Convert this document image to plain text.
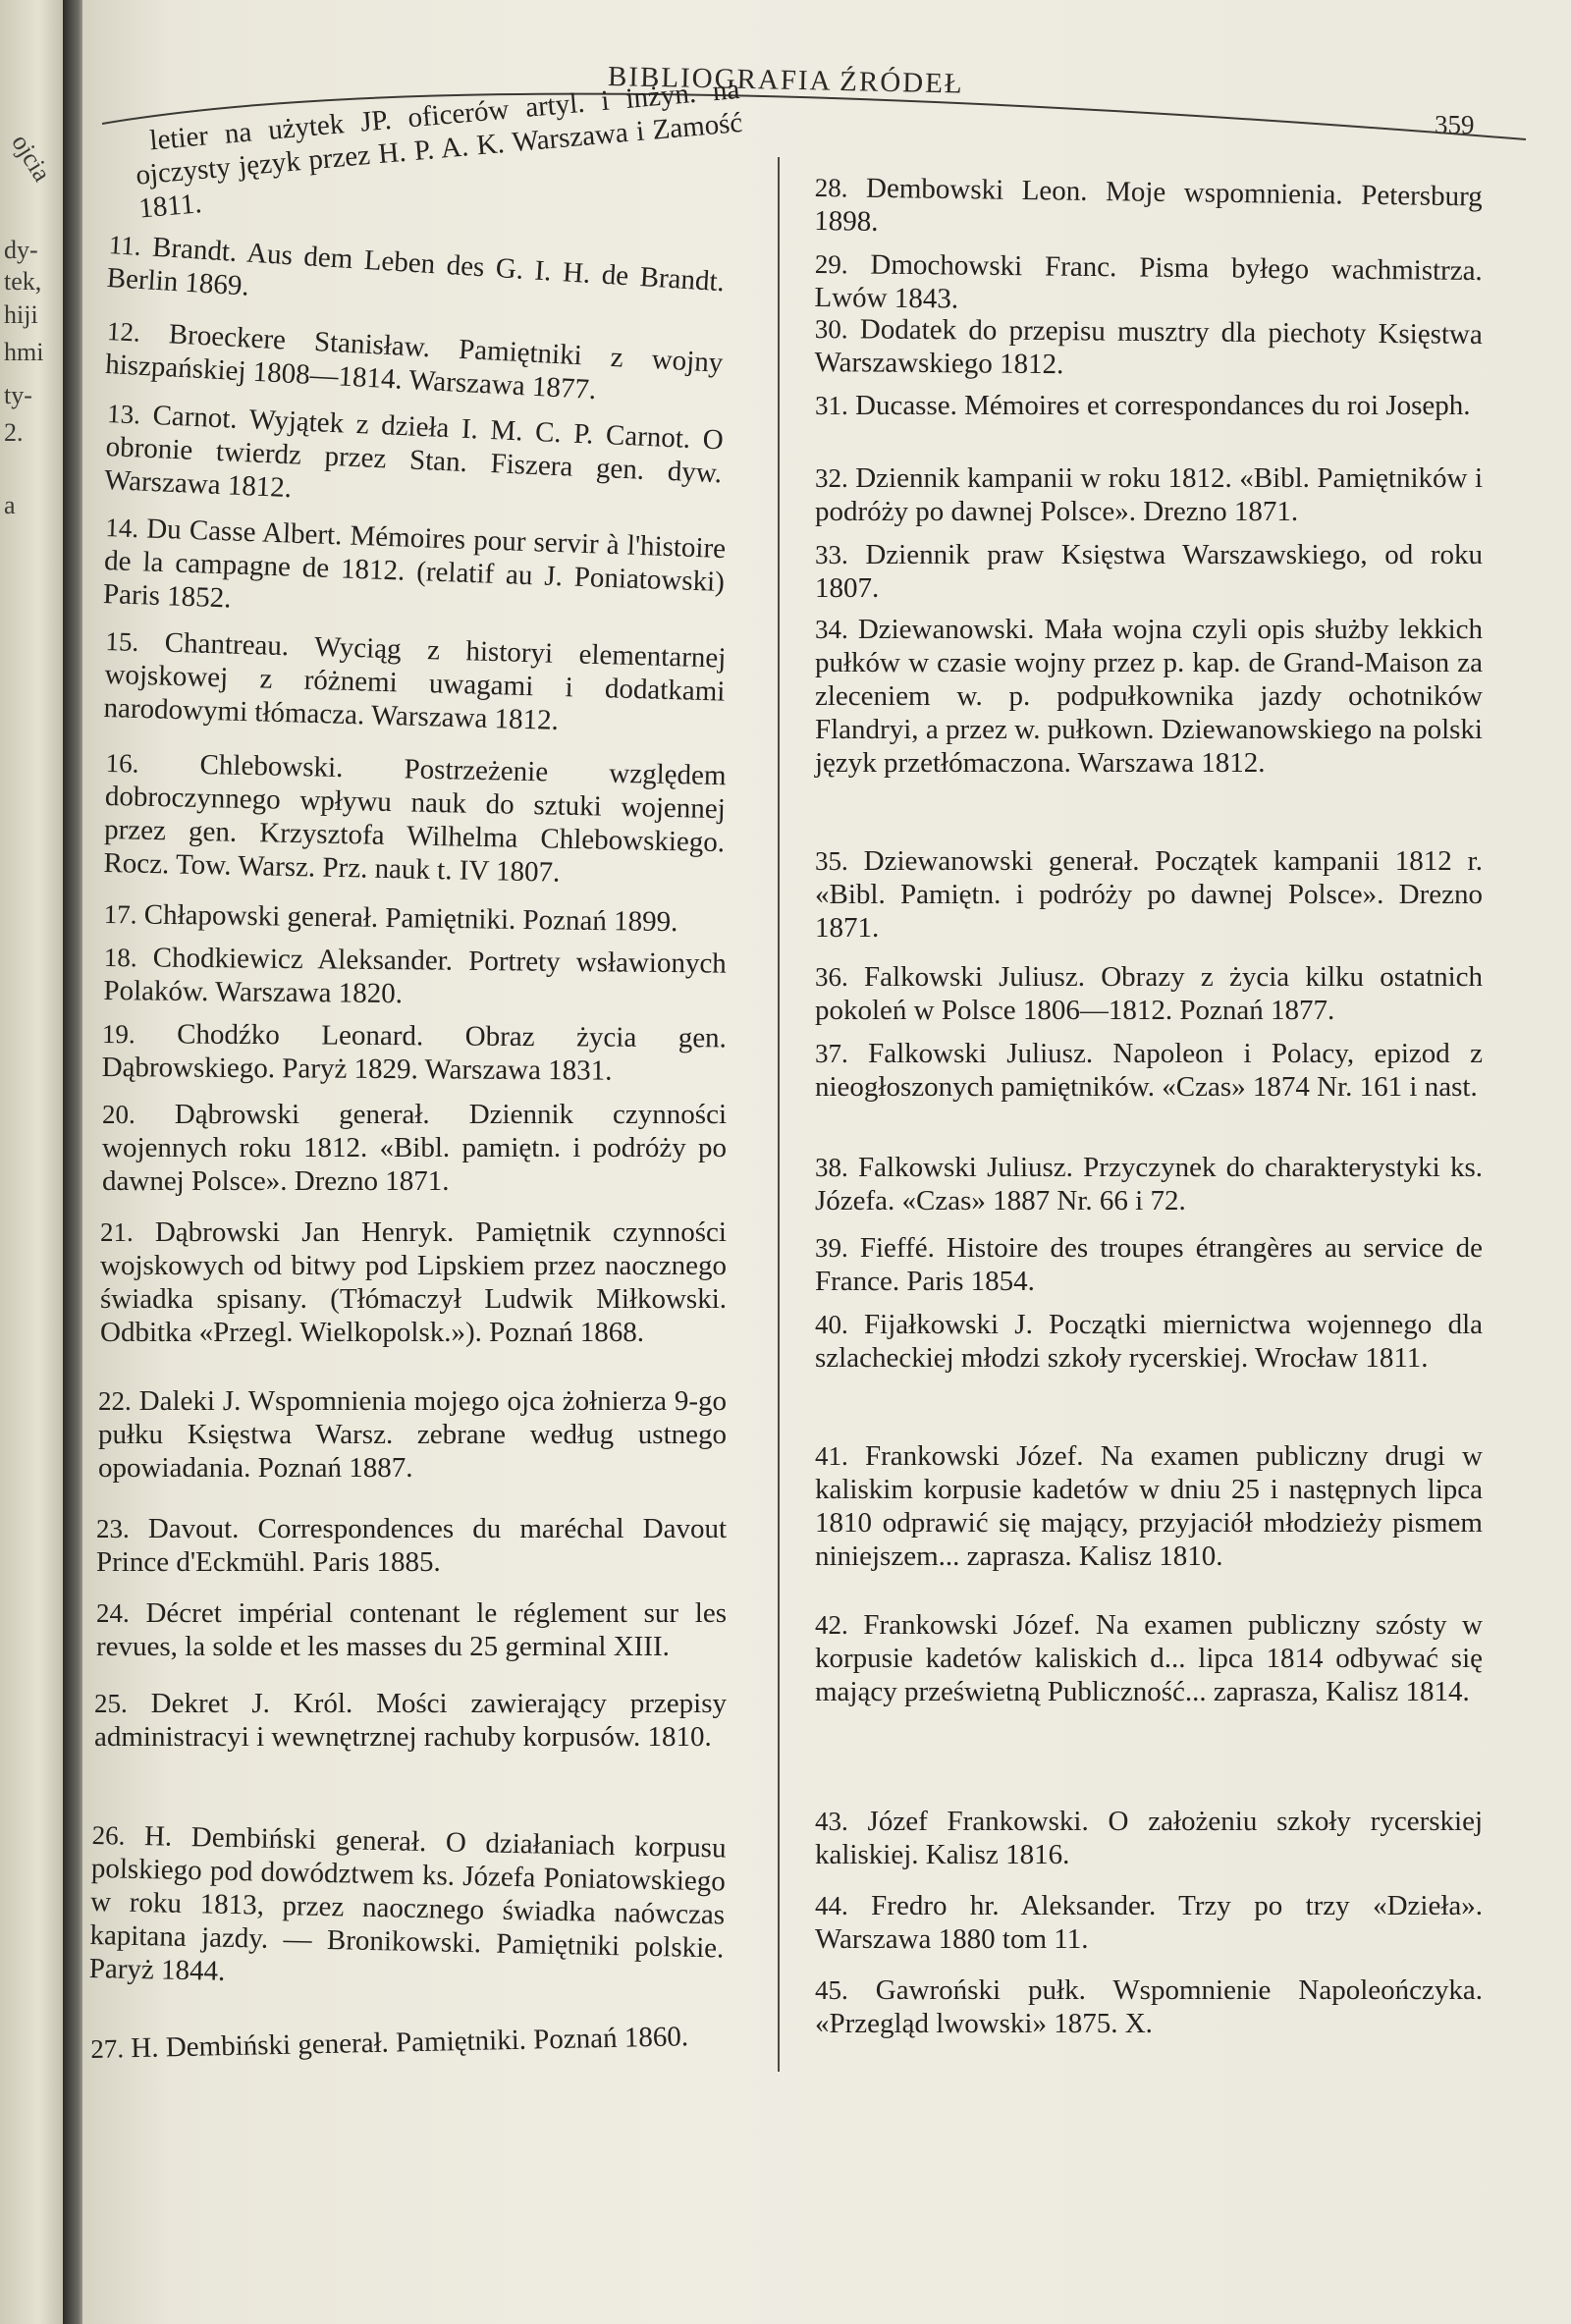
ojcia
dy-
tek,
hiji
hmi
ty-
2.
a
BIBLIOGRAFIA ŹRÓDEŁ
359

letier na użytek JP. oficerów artyl. i inżyn. na ojczysty język przez H. P. A. K. Warszawa i Zamość 1811.

11. Brandt. Aus dem Leben des G. I. H. de Brandt. Berlin 1869.

12. Broeckere Stanisław. Pamiętniki z wojny hiszpańskiej 1808—1814. Warszawa 1877.

13. Carnot. Wyjątek z dzieła I. M. C. P. Carnot. O obronie twierdz przez Stan. Fiszera gen. dyw. Warszawa 1812.

14. Du Casse Albert. Mémoires pour servir à l'histoire de la campagne de 1812. (relatif au J. Poniatowski) Paris 1852.

15. Chantreau. Wyciąg z historyi elementarnej wojskowej z różnemi uwagami i dodatkami narodowymi tłómacza. Warszawa 1812.

16. Chlebowski. Postrzeżenie względem dobroczynnego wpływu nauk do sztuki wojennej przez gen. Krzysztofa Wilhelma Chlebowskiego. Rocz. Tow. Warsz. Prz. nauk t. IV 1807.

17. Chłapowski generał. Pamiętniki. Poznań 1899.

18. Chodkiewicz Aleksander. Portrety wsławionych Polaków. Warszawa 1820.

19. Chodźko Leonard. Obraz życia gen. Dąbrowskiego. Paryż 1829. Warszawa 1831.

20. Dąbrowski generał. Dziennik czynności wojennych roku 1812. «Bibl. pamiętn. i podróży po dawnej Polsce». Drezno 1871.

21. Dąbrowski Jan Henryk. Pamiętnik czynności wojskowych od bitwy pod Lipskiem przez naocznego świadka spisany. (Tłómaczył Ludwik Miłkowski. Odbitka «Przegl. Wielkopolsk.»). Poznań 1868.

22. Daleki J. Wspomnienia mojego ojca żołnierza 9-go pułku Księstwa Warsz. zebrane według ustnego opowiadania. Poznań 1887.

23. Davout. Correspondences du maréchal Davout Prince d'Eckmühl. Paris 1885.

24. Décret impérial contenant le réglement sur les revues, la solde et les masses du 25 germinal XIII.

25. Dekret J. Król. Mości zawierający przepisy administracyi i wewnętrznej rachuby korpusów. 1810.

26. H. Dembiński generał. O działaniach korpusu polskiego pod dowództwem ks. Józefa Poniatowskiego w roku 1813, przez naocznego świadka naówczas kapitana jazdy. — Bronikowski. Pamiętniki polskie. Paryż 1844.

27. H. Dembiński generał. Pamiętniki. Poznań 1860.

28. Dembowski Leon. Moje wspomnienia. Petersburg 1898.

29. Dmochowski Franc. Pisma byłego wachmistrza. Lwów 1843.

30. Dodatek do przepisu musztry dla piechoty Księstwa Warszawskiego 1812.

31. Ducasse. Mémoires et correspondances du roi Joseph.

32. Dziennik kampanii w roku 1812. «Bibl. Pamiętników i podróży po dawnej Polsce». Drezno 1871.

33. Dziennik praw Księstwa Warszawskiego, od roku 1807.

34. Dziewanowski. Mała wojna czyli opis służby lekkich pułków w czasie wojny przez p. kap. de Grand-Maison za zleceniem w. p. podpułkownika jazdy ochotników Flandryi, a przez w. pułkown. Dziewanowskiego na polski język przetłómaczona. Warszawa 1812.

35. Dziewanowski generał. Początek kampanii 1812 r. «Bibl. Pamiętn. i podróży po dawnej Polsce». Drezno 1871.

36. Falkowski Juliusz. Obrazy z życia kilku ostatnich pokoleń w Polsce 1806—1812. Poznań 1877.

37. Falkowski Juliusz. Napoleon i Polacy, epizod z nieogłoszonych pamiętników. «Czas» 1874 Nr. 161 i nast.

38. Falkowski Juliusz. Przyczynek do charakterystyki ks. Józefa. «Czas» 1887 Nr. 66 i 72.

39. Fieffé. Histoire des troupes étrangères au service de France. Paris 1854.

40. Fijałkowski J. Początki miernictwa wojennego dla szlacheckiej młodzi szkoły rycerskiej. Wrocław 1811.

41. Frankowski Józef. Na examen publiczny drugi w kaliskim korpusie kadetów w dniu 25 i następnych lipca 1810 odprawić się mający, przyjaciół młodzieży pismem niniejszem... zaprasza. Kalisz 1810.

42. Frankowski Józef. Na examen publiczny szósty w korpusie kadetów kaliskich d... lipca 1814 odbywać się mający prześwietną Publiczność... zaprasza, Kalisz 1814.

43. Józef Frankowski. O założeniu szkoły rycerskiej kaliskiej. Kalisz 1816.

44. Fredro hr. Aleksander. Trzy po trzy «Dzieła». Warszawa 1880 tom 11.

45. Gawroński pułk. Wspomnienie Napoleończyka. «Przegląd lwowski» 1875. X.
